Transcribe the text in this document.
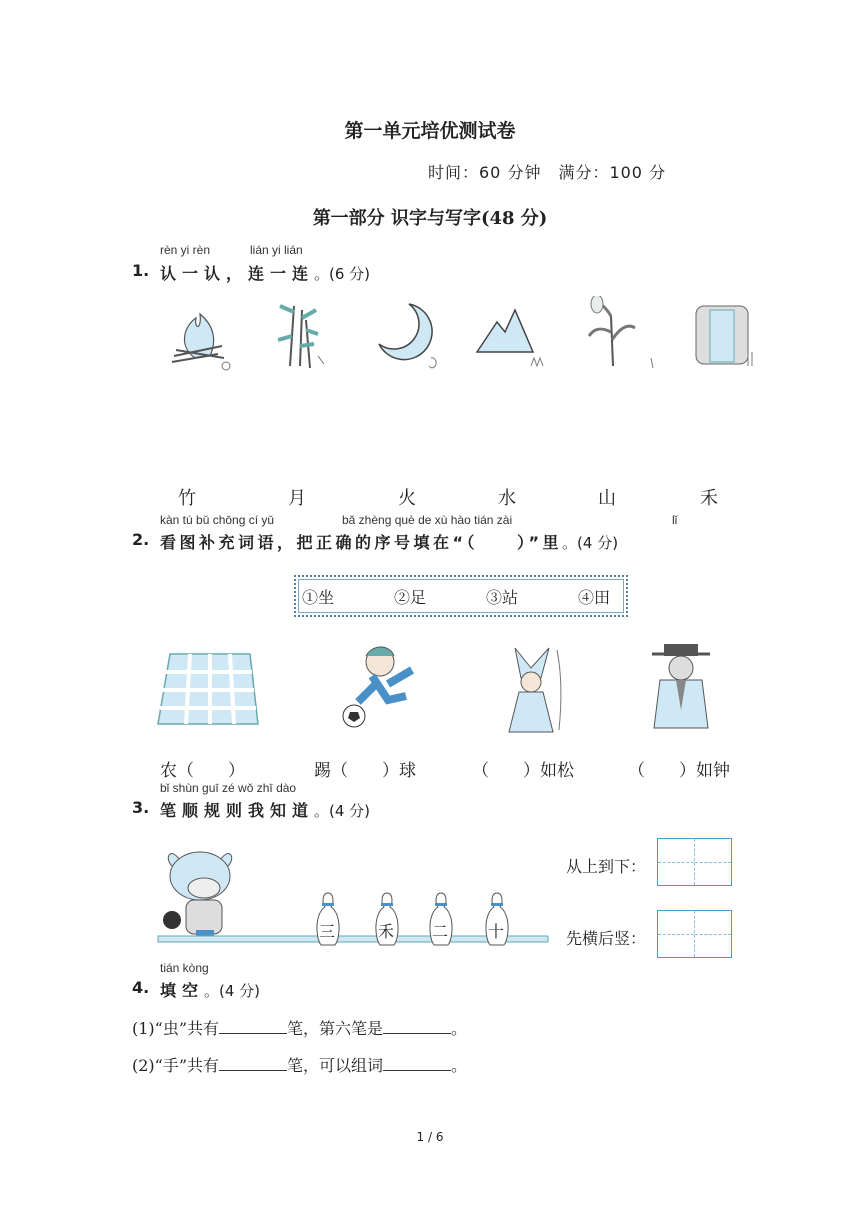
第一单元培优测试卷
时间：60 分钟　满分：100 分
第一部分 识字与写字(48 分)
rèn yi rèn	lián yi lián
1. 认一认，连一连。(6 分)
竹	月	火	水	山	禾
kàn tú bǔ chōng cí yǔ	bǎ zhèng què de xù hào tián zài	lǐ
2. 看图补充词语，把正确的序号填在“（　　）”里。(4 分)
①坐	②足	③站	④田
农（　　）	踢（　　）球	（　　）如松	（　　）如钟
bǐ shùn guī zé wǒ zhī dào
3. 笔顺规则我知道。(4 分)
三	禾 二 十
从上到下：
先横后竖：
tián kòng
4. 填空。(4 分)
(1)“虫”共有	笔，第六笔是	。
(2)“手”共有	笔，可以组词	。
1 / 6
